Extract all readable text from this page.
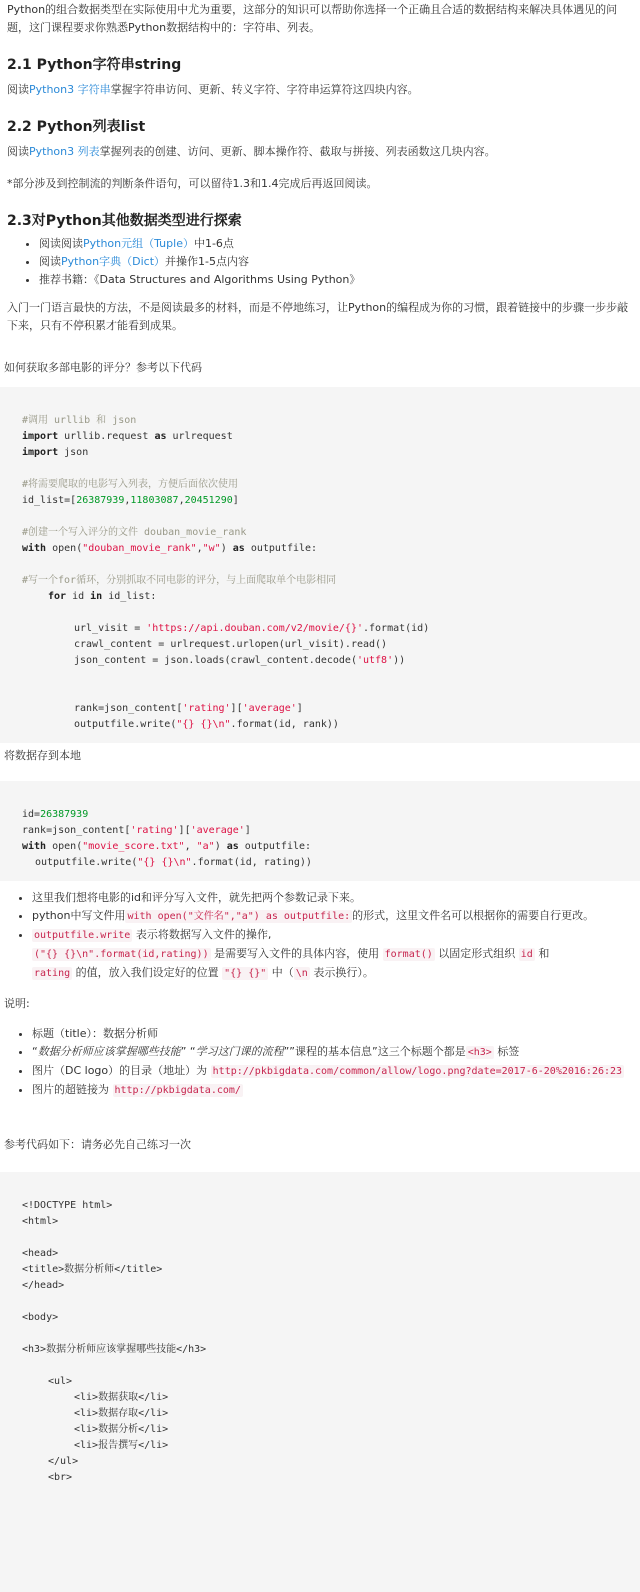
Python的组合数据类型在实际使用中尤为重要，这部分的知识可以帮助你选择一个正确且合适的数据结构来解决具体遇见的问题，这门课程要求你熟悉Python数据结构中的：字符串、列表。

2.1 Python字符串string

阅读Python3 字符串掌握字符串访问、更新、转义字符、字符串运算符这四块内容。

2.2 Python列表list

阅读Python3 列表掌握列表的创建、访问、更新、脚本操作符、截取与拼接、列表函数这几块内容。

*部分涉及到控制流的判断条件语句，可以留待1.3和1.4完成后再返回阅读。

2.3对Python其他数据类型进行探索
• 阅读阅读Python元组（Tuple）中1-6点
• 阅读Python字典（Dict）并操作1-5点内容
• 推荐书籍：《Data Structures and Algorithms Using Python》

入门一门语言最快的方法，不是阅读最多的材料，而是不停地练习，让Python的编程成为你的习惯，跟着链接中的步骤一步步敲下来，只有不停积累才能看到成果。

如何获取多部电影的评分？参考以下代码

#调用 urllib 和 json
import urllib.request as urlrequest
import json
#将需要爬取的电影写入列表，方便后面依次使用
id_list=[26387939,11803087,20451290]
#创建一个写入评分的文件 douban_movie_rank
with open("douban_movie_rank","w") as outputfile:
#写一个for循环，分别抓取不同电影的评分，与上面爬取单个电影相同
for id in id_list:
url_visit = 'https://api.douban.com/v2/movie/{}'.format(id)
crawl_content = urlrequest.urlopen(url_visit).read()
json_content = json.loads(crawl_content.decode('utf8'))
rank=json_content['rating']['average']
outputfile.write("{} {}\n".format(id, rank))

将数据存到本地

id=26387939
rank=json_content['rating']['average']
with open("movie_score.txt", "a") as outputfile:
outputfile.write("{} {}\n".format(id, rating))
• 这里我们想将电影的id和评分写入文件，就先把两个参数记录下来。
• python中写文件用 with open("文件名","a") as outputfile: 的形式，这里文件名可以根据你的需要自行更改。
• outputfile.write 表示将数据写入文件的操作,
("{} {}\n".format(id,rating)) 是需要写入文件的具体内容，使用 format() 以固定形式组织 id 和
rating 的值，放入我们设定好的位置 "{} {}" 中（ \n 表示换行）。

说明:

• 标题（title）：数据分析师
• “数据分析师应该掌握哪些技能” “学习这门课的流程””课程的基本信息”这三个标题个都是 <h3> 标签
• 图片（DC logo）的目录（地址）为 http://pkbigdata.com/common/allow/logo.png?date=2017-6-20%2016:26:23
• 图片的超链接为 http://pkbigdata.com/

参考代码如下：请务必先自己练习一次

<!DOCTYPE html>
<html>
<head>
<title>数据分析师</title>
</head>
<body>
<h3>数据分析师应该掌握哪些技能</h3>
<ul>
<li>数据获取</li>
<li>数据存取</li>
<li>数据分析</li>
<li>报告撰写</li>
</ul>
<br>
